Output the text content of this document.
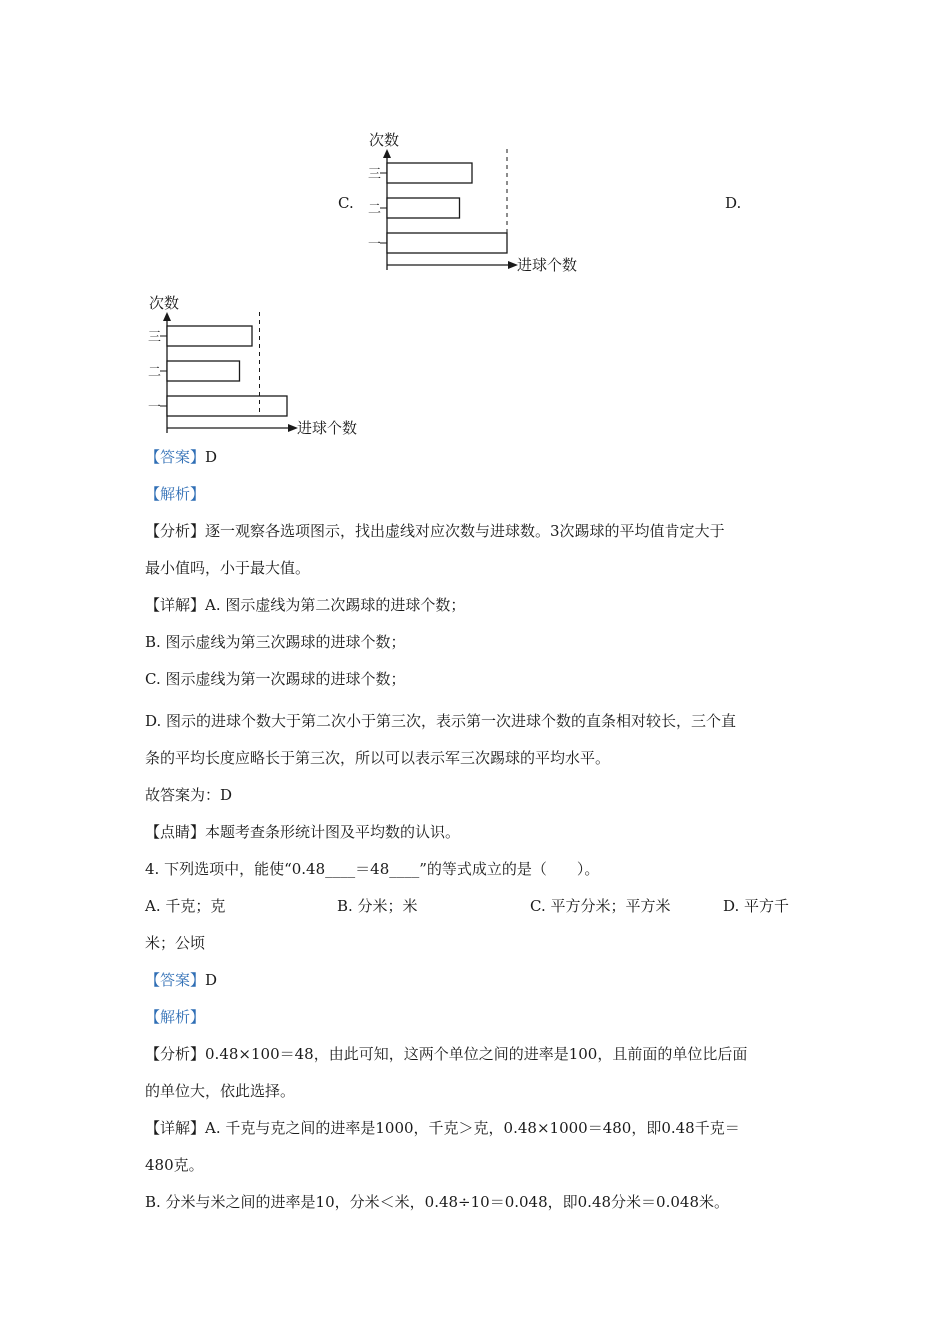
C.
次数
进球个数
三
二
一
D.
次数
进球个数
三
二
一

【答案】D

【解析】

【分析】逐一观察各选项图示，找出虚线对应次数与进球数。3次踢球的平均值肯定大于

最小值吗，小于最大值。

【详解】A. 图示虚线为第二次踢球的进球个数；

B. 图示虚线为第三次踢球的进球个数；

C. 图示虚线为第一次踢球的进球个数；

D. 图示的进球个数大于第二次小于第三次，表示第一次进球个数的直条相对较长，三个直

条的平均长度应略长于第三次，所以可以表示军三次踢球的平均水平。

故答案为：D

【点睛】本题考查条形统计图及平均数的认识。

4. 下列选项中，能使“0.48____＝48____”的等式成立的是（　　）。

A. 千克；克	B. 分米；米	C. 平方分米；平方米	D. 平方千

米；公顷

【答案】D

【解析】

【分析】0.48×100＝48，由此可知，这两个单位之间的进率是100，且前面的单位比后面

的单位大，依此选择。

【详解】A. 千克与克之间的进率是1000，千克＞克，0.48×1000＝480，即0.48千克＝

480克。

B. 分米与米之间的进率是10，分米＜米，0.48÷10＝0.048，即0.48分米＝0.048米。
